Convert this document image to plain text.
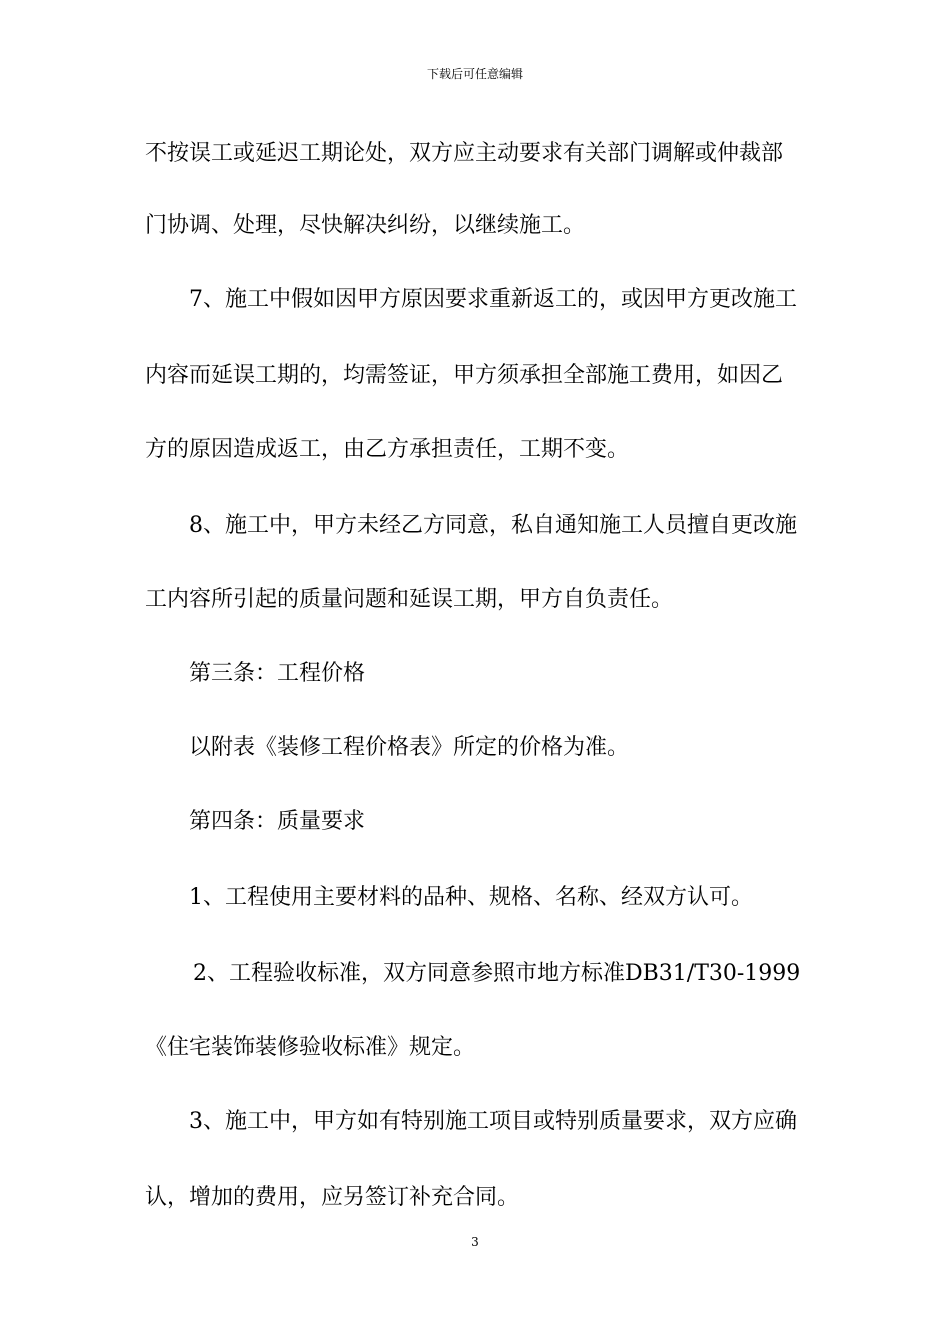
下载后可任意编辑
不按误工或延迟工期论处，双方应主动要求有关部门调解或仲裁部
门协调、处理，尽快解决纠纷，以继续施工。
7、施工中假如因甲方原因要求重新返工的，或因甲方更改施工
内容而延误工期的，均需签证，甲方须承担全部施工费用，如因乙
方的原因造成返工，由乙方承担责任，工期不变。
8、施工中，甲方未经乙方同意，私自通知施工人员擅自更改施
工内容所引起的质量问题和延误工期，甲方自负责任。
第三条：工程价格
以附表《装修工程价格表》所定的价格为准。
第四条：质量要求
1、工程使用主要材料的品种、规格、名称、经双方认可。
2、工程验收标准，双方同意参照市地方标准DB31/T30-1999
《住宅装饰装修验收标准》规定。
3、施工中，甲方如有特别施工项目或特别质量要求，双方应确
认，增加的费用，应另签订补充合同。
3
